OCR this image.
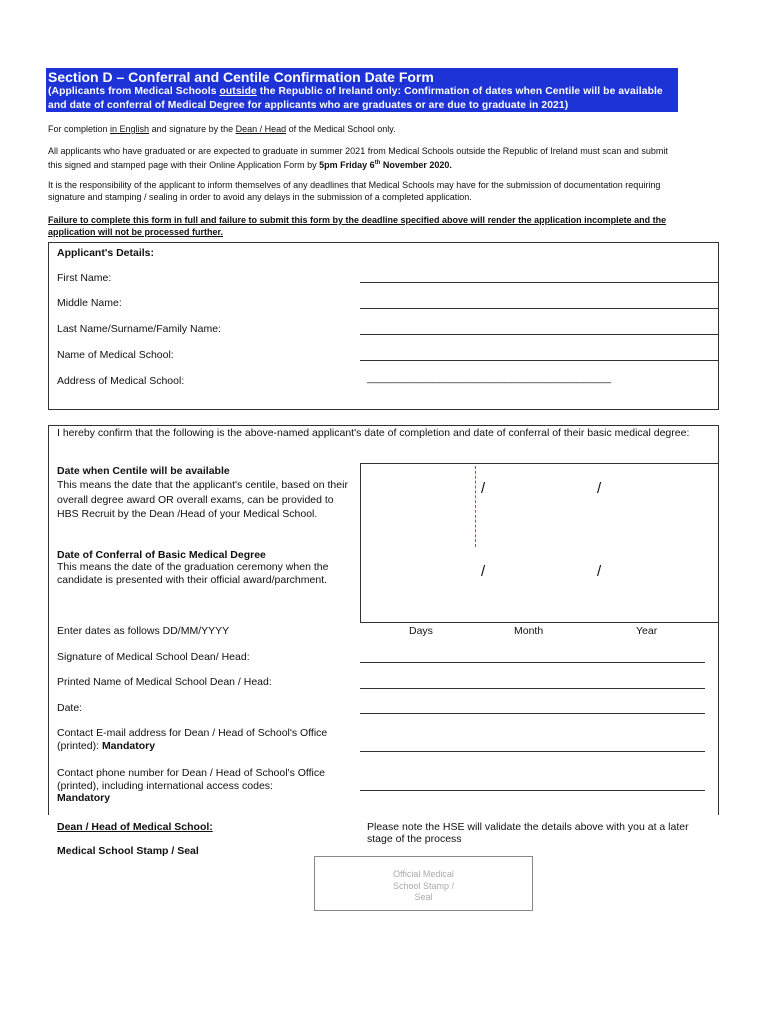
Section D – Conferral and Centile Confirmation Date Form
(Applicants from Medical Schools outside the Republic of Ireland only: Confirmation of dates when Centile will be available and date of conferral of Medical Degree for applicants who are graduates or are due to graduate in 2021)
For completion in English and signature by the Dean / Head of the Medical School only.
All applicants who have graduated or are expected to graduate in summer 2021 from Medical Schools outside the Republic of Ireland must scan and submit this signed and stamped page with their Online Application Form by 5pm Friday 6th November 2020.
It is the responsibility of the applicant to inform themselves of any deadlines that Medical Schools may have for the submission of documentation requiring signature and stamping / sealing in order to avoid any delays in the submission of a completed application.
Failure to complete this form in full and failure to submit this form by the deadline specified above will render the application incomplete and the application will not be processed further.
Applicant's Details:
First Name:
Middle Name:
Last Name/Surname/Family Name:
Name of Medical School:
Address of Medical School:	____________________________________________
I hereby confirm that the following is the above-named applicant's date of completion and date of conferral of their basic medical degree:
Date when Centile will be available
This means the date that the applicant's centile, based on their overall degree award OR overall exams, can be provided to HBS Recruit by the Dean /Head of your Medical School.
Date of Conferral of Basic Medical Degree
This means the date of the graduation ceremony when the candidate is presented with their official award/parchment.
/	/
/	/
Enter dates as follows DD/MM/YYYY	Days	Month	Year
Signature of Medical School Dean/ Head:
Printed Name of Medical School Dean / Head:
Date:
Contact E-mail address for Dean / Head of School's Office (printed): Mandatory
Contact phone number for Dean / Head of School's Office (printed), including international access codes:
Mandatory
Dean / Head of Medical School:	Please note the HSE will validate the details above with you at a later stage of the process
Medical School Stamp / Seal
Official Medical School Stamp / Seal
